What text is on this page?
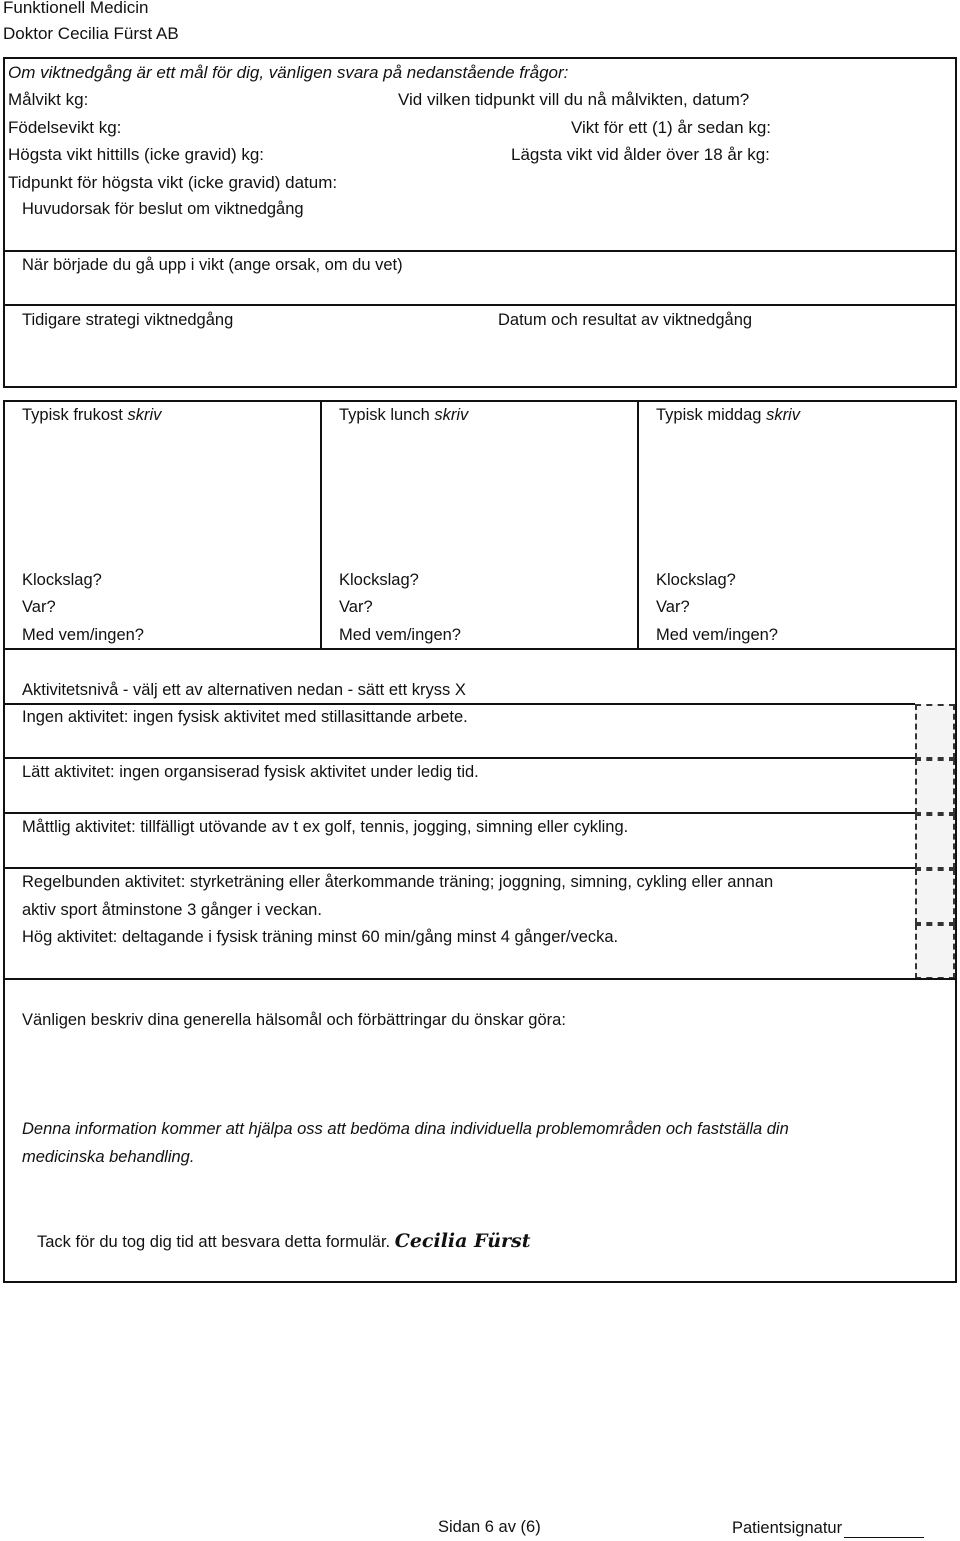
Funktionell Medicin
Doktor Cecilia Fürst AB
Om viktnedgång är ett mål för dig, vänligen svara på nedanstående frågor:
Målvikt kg:	Vid vilken tidpunkt vill du nå målvikten, datum?
Födelsevikt kg:	Vikt för ett (1) år sedan kg:
Högsta vikt hittills (icke gravid) kg:	Lägsta vikt vid ålder över 18 år kg:
Tidpunkt för högsta vikt (icke gravid) datum:
Huvudorsak för beslut om viktnedgång
När började du gå upp i vikt (ange orsak, om du vet)
Tidigare strategi viktnedgång	Datum och resultat av viktnedgång
Typisk frukost skriv
Klockslag?
Var?
Med vem/ingen?
Typisk lunch skriv
Klockslag?
Var?
Med vem/ingen?
Typisk middag skriv
Klockslag?
Var?
Med vem/ingen?
Aktivitetsnivå - välj ett av alternativen nedan - sätt ett kryss X
Ingen aktivitet: ingen fysisk aktivitet med stillasittande arbete.
Lätt aktivitet: ingen organsiserad fysisk aktivitet under ledig tid.
Måttlig aktivitet: tillfälligt utövande av t ex golf, tennis, jogging, simning eller cykling.
Regelbunden aktivitet: styrketräning eller återkommande träning; joggning, simning, cykling eller annan
aktiv sport åtminstone 3 gånger i veckan.
Hög aktivitet: deltagande i fysisk träning minst 60 min/gång minst 4 gånger/vecka.
Vänligen beskriv dina generella hälsomål och förbättringar du önskar göra:
Denna information kommer att hjälpa oss att bedöma dina individuella problemområden och fastställa din
medicinska behandling.
Tack för du tog dig tid att besvara detta formulär. Cecilia Fürst
Sidan 6 av (6)	Patientsignatur
